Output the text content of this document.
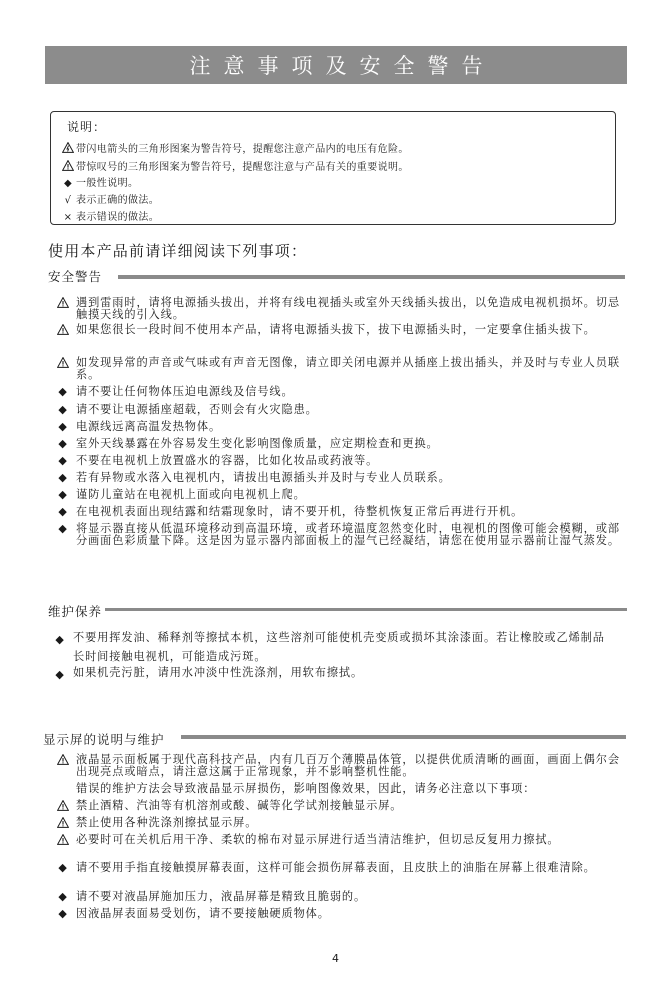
注意事项及安全警告
说明：
带闪电箭头的三角形图案为警告符号，提醒您注意产品内的电压有危险。
带惊叹号的三角形图案为警告符号，提醒您注意与产品有关的重要说明。
◆ 一般性说明。
√ 表示正确的做法。
× 表示错误的做法。
使用本产品前请详细阅读下列事项：
安全警告
遇到雷雨时，请将电源插头拔出，并将有线电视插头或室外天线插头拔出，以免造成电视机损坏。切忌触摸天线的引入线。
如果您很长一段时间不使用本产品，请将电源插头拔下，拔下电源插头时，一定要拿住插头拔下。
如发现异常的声音或气味或有声音无图像，请立即关闭电源并从插座上拔出插头，并及时与专业人员联系。
◆ 请不要让任何物体压迫电源线及信号线。
◆ 请不要让电源插座超载，否则会有火灾隐患。
◆ 电源线远离高温发热物体。
◆ 室外天线暴露在外容易发生变化影响图像质量，应定期检查和更换。
◆ 不要在电视机上放置盛水的容器，比如化妆品或药液等。
◆ 若有异物或水落入电视机内，请拔出电源插头并及时与专业人员联系。
◆ 谨防儿童站在电视机上面或向电视机上爬。
◆ 在电视机表面出现结露和结霜现象时，请不要开机，待整机恢复正常后再进行开机。
◆ 将显示器直接从低温环境移动到高温环境，或者环境温度忽然变化时，电视机的图像可能会模糊，或部分画面色彩质量下降。这是因为显示器内部面板上的湿气已经凝结，请您在使用显示器前让湿气蒸发。
维护保养
◆ 不要用挥发油、稀释剂等擦拭本机，这些溶剂可能使机壳变质或损坏其涂漆面。若让橡胶或乙烯制品长时间接触电视机，可能造成污斑。
◆ 如果机壳污脏，请用水冲淡中性洗涤剂，用软布擦拭。
显示屏的说明与维护
液晶显示面板属于现代高科技产品，内有几百万个薄膜晶体管，以提供优质清晰的画面，画面上偶尔会出现亮点或暗点，请注意这属于正常现象，并不影响整机性能。
错误的维护方法会导致液晶显示屏损伤，影响图像效果，因此，请务必注意以下事项：
禁止酒精、汽油等有机溶剂或酸、碱等化学试剂接触显示屏。
禁止使用各种洗涤剂擦拭显示屏。
必要时可在关机后用干净、柔软的棉布对显示屏进行适当清洁维护，但切忌反复用力擦拭。
◆ 请不要用手指直接触摸屏幕表面，这样可能会损伤屏幕表面，且皮肤上的油脂在屏幕上很难清除。
◆ 请不要对液晶屏施加压力，液晶屏幕是精致且脆弱的。
◆ 因液晶屏表面易受划伤，请不要接触硬质物体。
4
